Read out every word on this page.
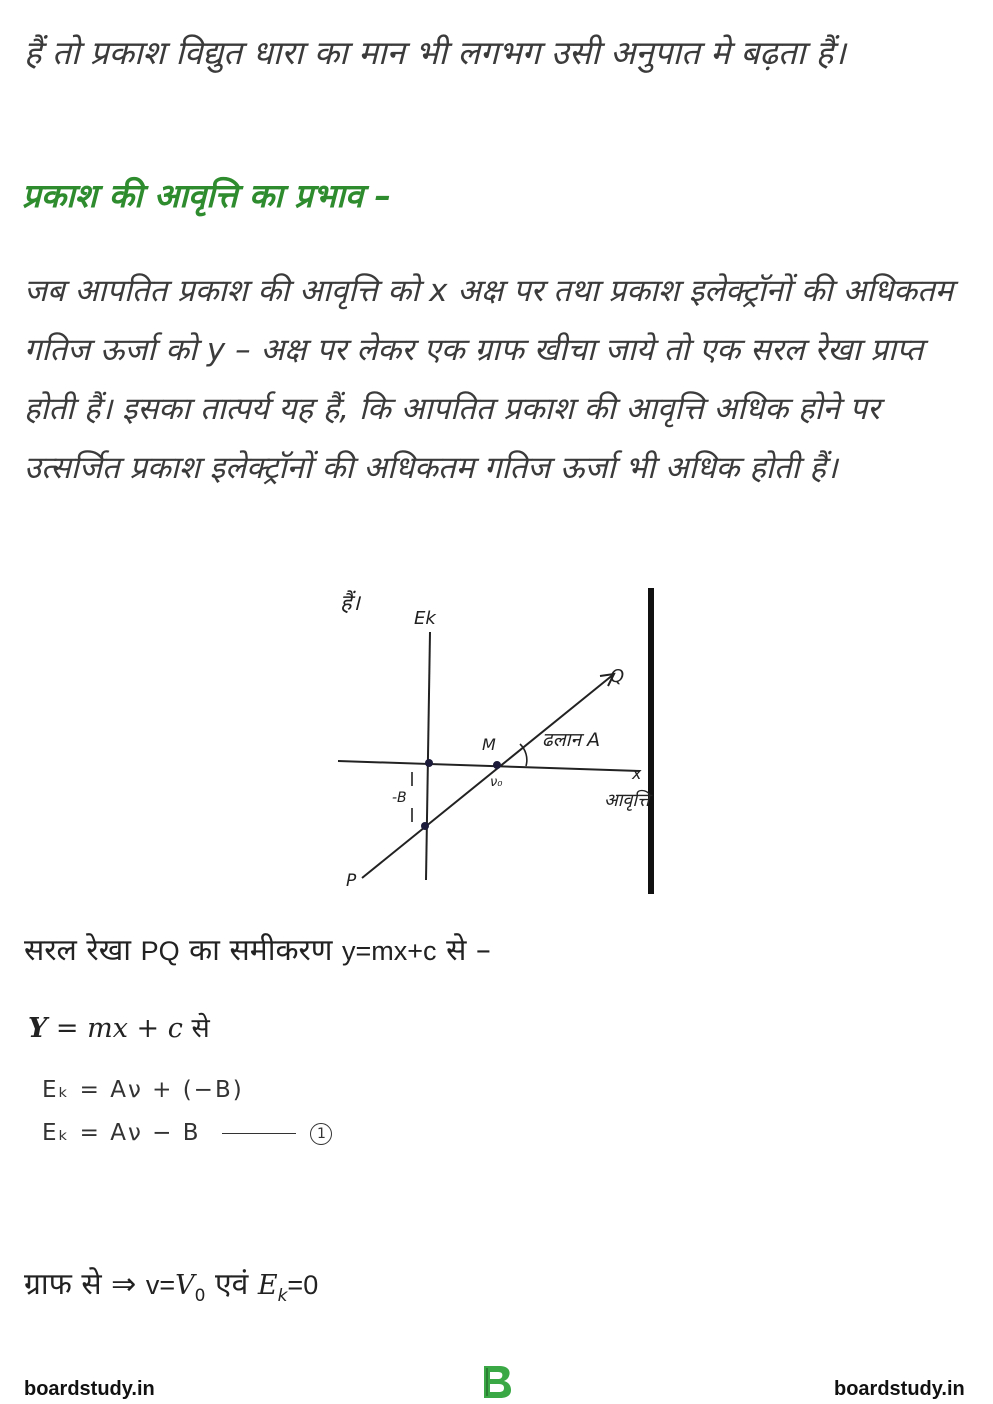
हैं तो प्रकाश विद्युत धारा का मान भी लगभग उसी अनुपात मे बढ़ता हैं।
प्रकाश की आवृत्ति का प्रभाव –
जब आपतित प्रकाश की आवृत्ति को x अक्ष पर तथा प्रकाश इलेक्ट्रॉनों की अधिकतम गतिज ऊर्जा को y – अक्ष पर लेकर एक ग्राफ खीचा जाये तो एक सरल रेखा प्राप्त होती हैं। इसका तात्पर्य यह हैं, कि आपतित प्रकाश की आवृत्ति अधिक होने पर उत्सर्जित प्रकाश इलेक्ट्रॉनों की अधिकतम गतिज ऊर्जा भी अधिक होती हैं।
हैं।
Ek
x
आवृत्ति
Q
P
M ढलान A
ν₀
-B
सरल रेखा PQ का समीकरण y=mx+c से –
Y = mx + c से
Eₖ = Aν + (−B)
Eₖ = Aν − B	1
ग्राफ से ⇒ $v=V_0$ एवं $E_k=0$
boardstudy.in	boardstudy.in
